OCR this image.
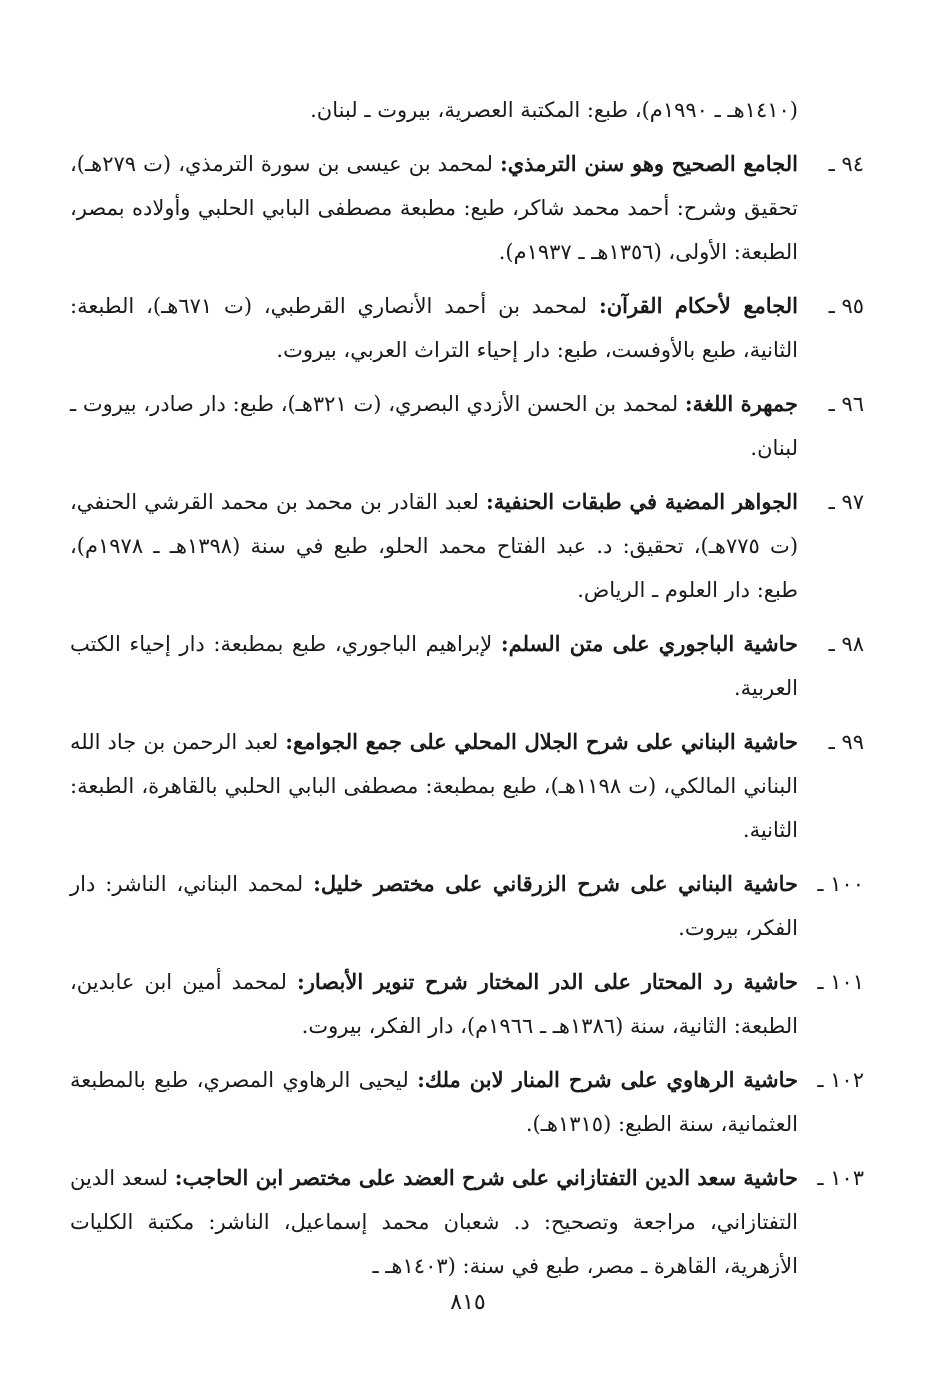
(١٤١٠هـ ـ ١٩٩٠م)، طبع: المكتبة العصرية، بيروت ـ لبنان.
٩٤ ـ
الجامع الصحيح وهو سنن الترمذي: لمحمد بن عيسى بن سورة الترمذي، (ت ٢٧٩هـ)، تحقيق وشرح: أحمد محمد شاكر، طبع: مطبعة مصطفى البابي الحلبي وأولاده بمصر، الطبعة: الأولى، (١٣٥٦هـ ـ ١٩٣٧م).
٩٥ ـ
الجامع لأحكام القرآن: لمحمد بن أحمد الأنصاري القرطبي، (ت ٦٧١هـ)، الطبعة: الثانية، طبع بالأوفست، طبع: دار إحياء التراث العربي، بيروت.
٩٦ ـ
جمهرة اللغة: لمحمد بن الحسن الأزدي البصري، (ت ٣٢١هـ)، طبع: دار صادر، بيروت ـ لبنان.
٩٧ ـ
الجواهر المضية في طبقات الحنفية: لعبد القادر بن محمد بن محمد القرشي الحنفي، (ت ٧٧٥هـ)، تحقيق: د. عبد الفتاح محمد الحلو، طبع في سنة (١٣٩٨هـ ـ ١٩٧٨م)، طبع: دار العلوم ـ الرياض.
٩٨ ـ
حاشية الباجوري على متن السلم: لإبراهيم الباجوري، طبع بمطبعة: دار إحياء الكتب العربية.
٩٩ ـ
حاشية البناني على شرح الجلال المحلي على جمع الجوامع: لعبد الرحمن بن جاد الله البناني المالكي، (ت ١١٩٨هـ)، طبع بمطبعة: مصطفى البابي الحلبي بالقاهرة، الطبعة: الثانية.
١٠٠ ـ
حاشية البناني على شرح الزرقاني على مختصر خليل: لمحمد البناني، الناشر: دار الفكر، بيروت.
١٠١ ـ
حاشية رد المحتار على الدر المختار شرح تنوير الأبصار: لمحمد أمين ابن عابدين، الطبعة: الثانية، سنة (١٣٨٦هـ ـ ١٩٦٦م)، دار الفكر، بيروت.
١٠٢ ـ
حاشية الرهاوي على شرح المنار لابن ملك: ليحيى الرهاوي المصري، طبع بالمطبعة العثمانية، سنة الطبع: (١٣١٥هـ).
١٠٣ ـ
حاشية سعد الدين التفتازاني على شرح العضد على مختصر ابن الحاجب: لسعد الدين التفتازاني، مراجعة وتصحيح: د. شعبان محمد إسماعيل، الناشر: مكتبة الكليات الأزهرية، القاهرة ـ مصر، طبع في سنة: (١٤٠٣هـ ـ
٨١٥
